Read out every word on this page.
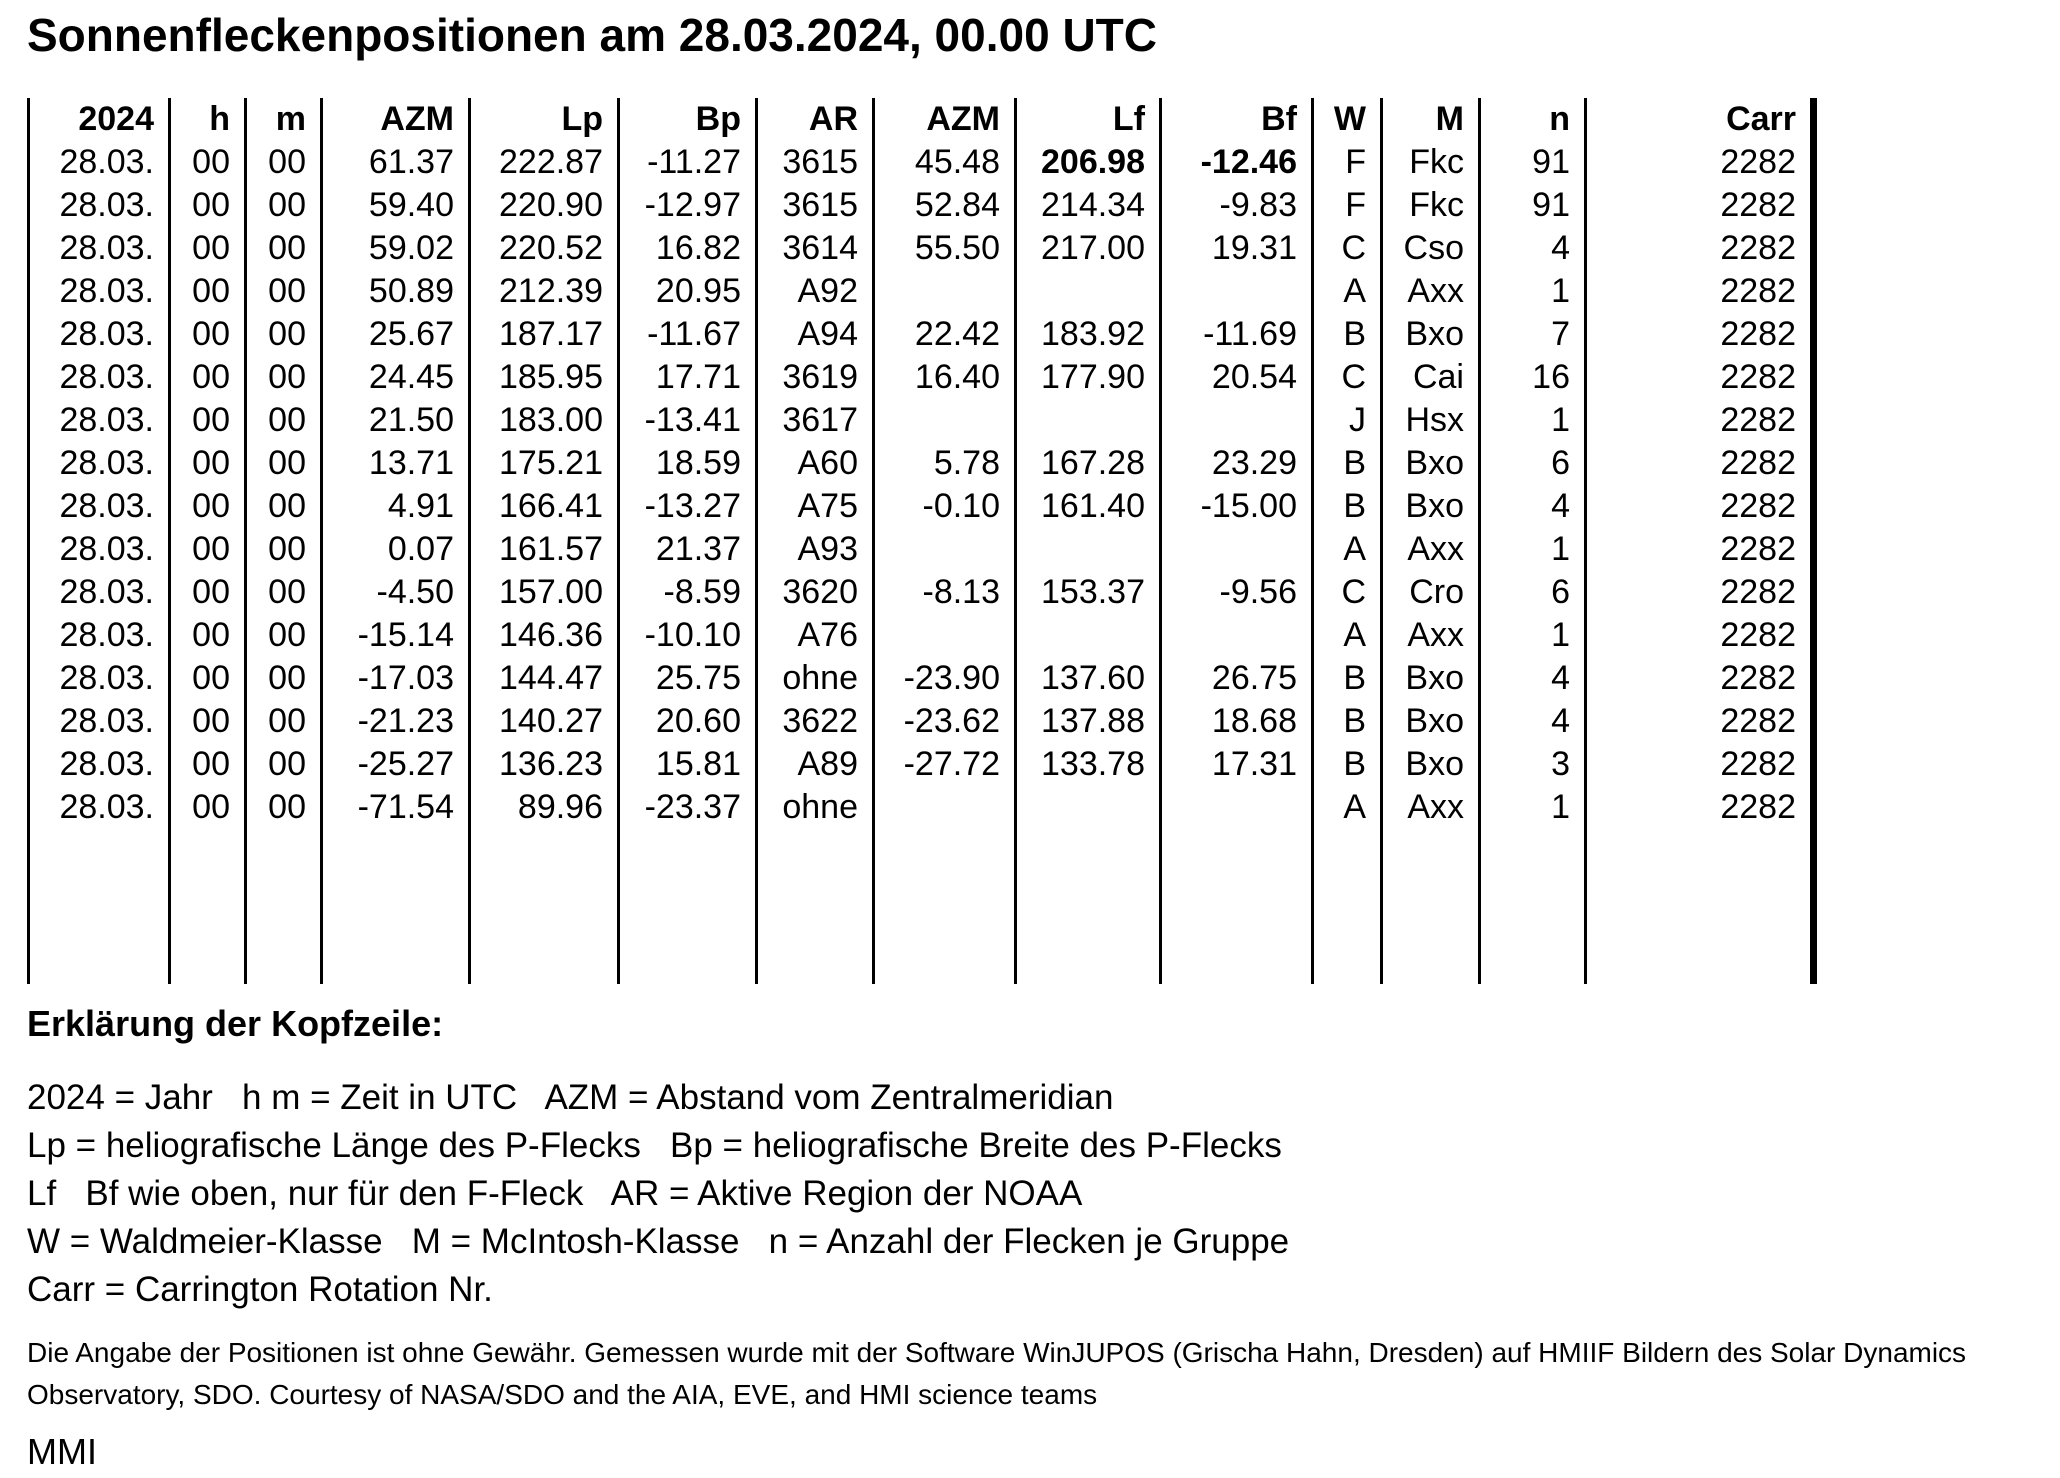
Sonnenfleckenpositionen am 28.03.2024, 00.00 UTC
2024	h	m	AZM	Lp	Bp	AR	AZM	Lf	Bf	W	M	n	Carr
28.03.	00	00	61.37	222.87	-11.27	3615	45.48	206.98	-12.46	F	Fkc	91	2282
28.03.	00	00	59.40	220.90	-12.97	3615	52.84	214.34	-9.83	F	Fkc	91	2282
28.03.	00	00	59.02	220.52	16.82	3614	55.50	217.00	19.31	C	Cso	4	2282
28.03.	00	00	50.89	212.39	20.95	A92				A	Axx	1	2282
28.03.	00	00	25.67	187.17	-11.67	A94	22.42	183.92	-11.69	B	Bxo	7	2282
28.03.	00	00	24.45	185.95	17.71	3619	16.40	177.90	20.54	C	Cai	16	2282
28.03.	00	00	21.50	183.00	-13.41	3617				J	Hsx	1	2282
28.03.	00	00	13.71	175.21	18.59	A60	5.78	167.28	23.29	B	Bxo	6	2282
28.03.	00	00	4.91	166.41	-13.27	A75	-0.10	161.40	-15.00	B	Bxo	4	2282
28.03.	00	00	0.07	161.57	21.37	A93				A	Axx	1	2282
28.03.	00	00	-4.50	157.00	-8.59	3620	-8.13	153.37	-9.56	C	Cro	6	2282
28.03.	00	00	-15.14	146.36	-10.10	A76				A	Axx	1	2282
28.03.	00	00	-17.03	144.47	25.75	ohne	-23.90	137.60	26.75	B	Bxo	4	2282
28.03.	00	00	-21.23	140.27	20.60	3622	-23.62	137.88	18.68	B	Bxo	4	2282
28.03.	00	00	-25.27	136.23	15.81	A89	-27.72	133.78	17.31	B	Bxo	3	2282
28.03.	00	00	-71.54	89.96	-23.37	ohne				A	Axx	1	2282

Erklärung der Kopfzeile:
2024 = Jahr   h m = Zeit in UTC   AZM = Abstand vom Zentralmeridian
Lp = heliografische Länge des P-Flecks   Bp = heliografische Breite des P-Flecks
Lf   Bf wie oben, nur für den F-Fleck   AR = Aktive Region der NOAA
W = Waldmeier-Klasse   M = McIntosh-Klasse   n = Anzahl der Flecken je Gruppe
Carr = Carrington Rotation Nr.

Die Angabe der Positionen ist ohne Gewähr. Gemessen wurde mit der Software WinJUPOS (Grischa Hahn, Dresden) auf HMIIF Bildern des Solar Dynamics Observatory, SDO. Courtesy of NASA/SDO and the AIA, EVE, and HMI science teams

MMI
